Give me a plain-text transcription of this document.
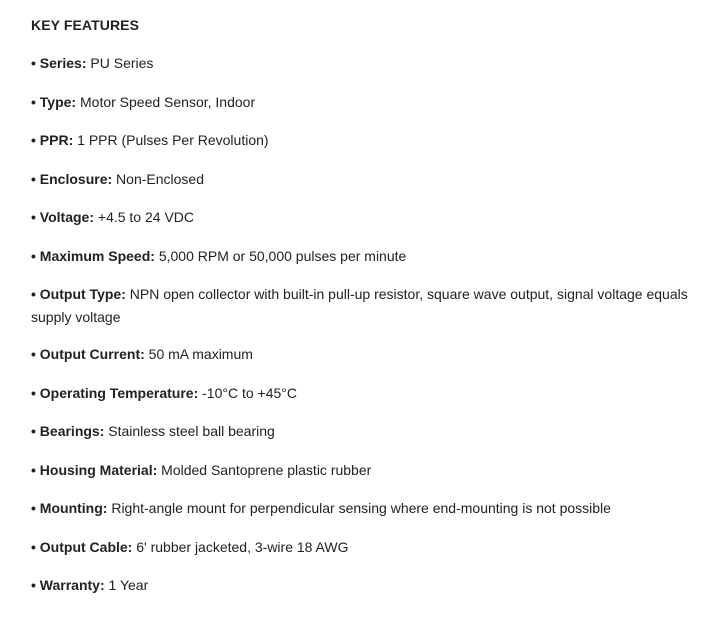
KEY FEATURES
• Series: PU Series
• Type: Motor Speed Sensor, Indoor
• PPR: 1 PPR (Pulses Per Revolution)
• Enclosure: Non-Enclosed
• Voltage: +4.5 to 24 VDC
• Maximum Speed: 5,000 RPM or 50,000 pulses per minute
• Output Type: NPN open collector with built-in pull-up resistor, square wave output, signal voltage equals supply voltage
• Output Current: 50 mA maximum
• Operating Temperature: -10°C to +45°C
• Bearings: Stainless steel ball bearing
• Housing Material: Molded Santoprene plastic rubber
• Mounting: Right-angle mount for perpendicular sensing where end-mounting is not possible
• Output Cable: 6' rubber jacketed, 3-wire 18 AWG
• Warranty: 1 Year
